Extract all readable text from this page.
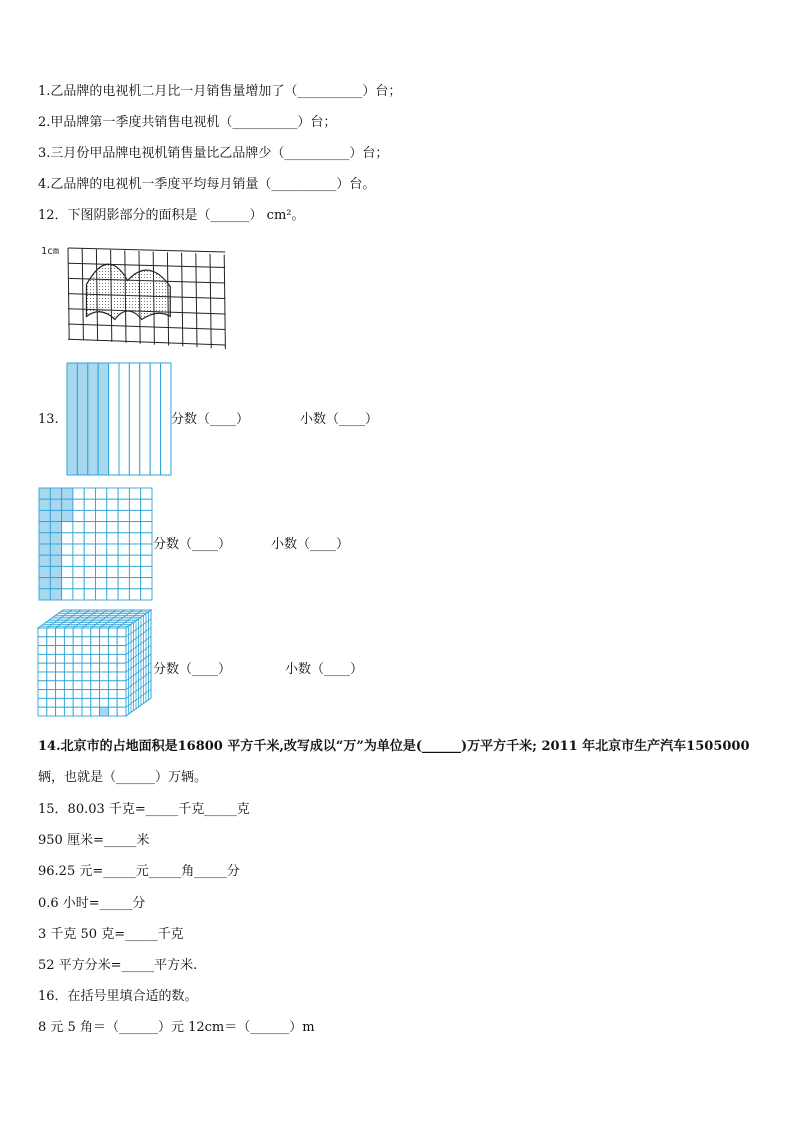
1.乙品牌的电视机二月比一月销售量增加了（__________）台；
2.甲品牌第一季度共销售电视机（__________）台；
3.三月份甲品牌电视机销售量比乙品牌少（__________）台；
4.乙品牌的电视机一季度平均每月销量（__________）台。
12．下图阴影部分的面积是（______） cm²。
1cm
13.	分数（____）	小数（____）
分数（____）	小数（____）
分数（____）	小数（____）
14.北京市的占地面积是16800 平方千米,改写成以“万”为单位是(______)万平方千米; 2011 年北京市生产汽车1505000
辆，也就是（______）万辆。
15．80.03 千克=_____千克_____克
950 厘米=_____米
96.25 元=_____元_____角_____分
0.6 小时=_____分
3 千克 50 克=_____千克
52 平方分米=_____平方米.
16．在括号里填合适的数。
8 元 5 角＝（______）元 12cm＝（______）m
